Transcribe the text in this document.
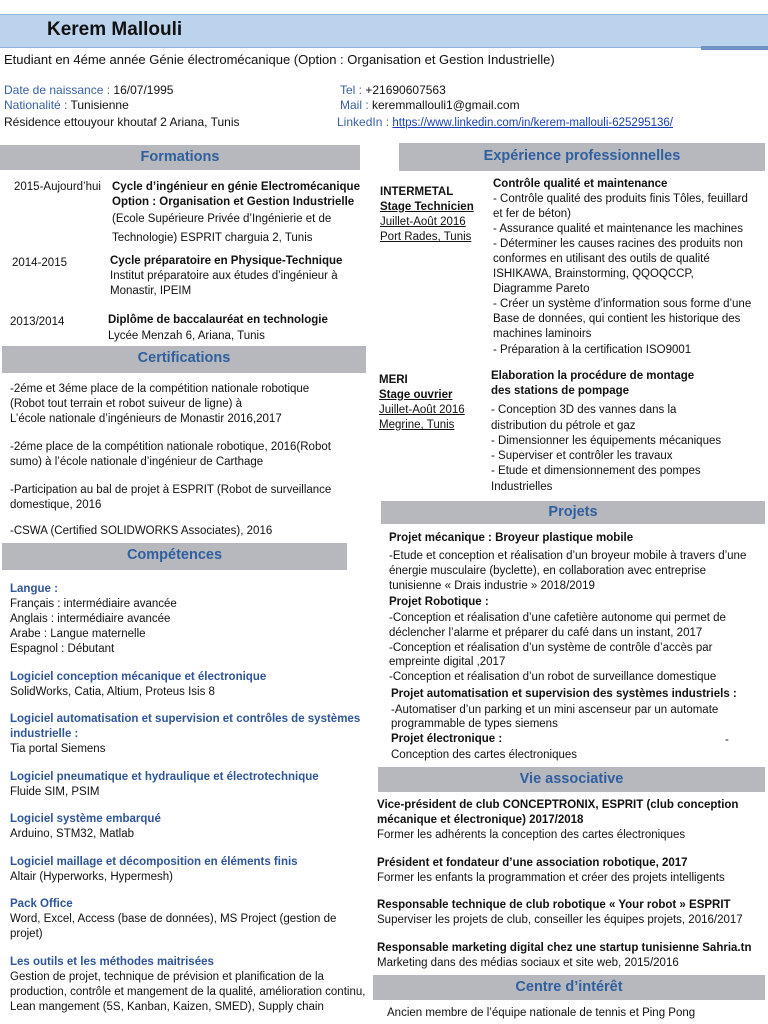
Kerem Mallouli
Etudiant en 4éme année Génie électromécanique (Option : Organisation et Gestion Industrielle)
Date de naissance : 16/07/1995
Nationalité : Tunisienne
Résidence ettouyour khoutaf 2 Ariana, Tunis
Tel : +21690607563
Mail : keremmallouli1@gmail.com
LinkedIn : https://www.linkedin.com/in/kerem-mallouli-625295136/
Formations	Expérience professionnelles
Certifications
Compétences
Projets
Vie associative
Centre d’intérêt
2015-Aujourd’hui Cycle d’ingénieur en génie Electromécanique
Option : Organisation et Gestion Industrielle
(Ecole Supérieure Privée d’Ingénierie et de
Technologie) ESPRIT charguia 2, Tunis
2014-2015	Cycle préparatoire en Physique-Technique
Institut préparatoire aux études d’ingénieur à
Monastir, IPEIM
2013/2014	Diplôme de baccalauréat en technologie
Lycée Menzah 6, Ariana, Tunis
-2éme et 3éme place de la compétition nationale robotique
(Robot tout terrain et robot suiveur de ligne) à
L’école nationale d’ingénieurs de Monastir 2016,2017
-2éme place de la compétition nationale robotique, 2016(Robot
sumo) à l’école nationale d’ingénieur de Carthage
-Participation au bal de projet à ESPRIT (Robot de surveillance
domestique, 2016
-CSWA (Certified SOLIDWORKS Associates), 2016
Langue :
Français : intermédiaire avancée
Anglais : intermédiaire avancée
Arabe : Langue maternelle
Espagnol : Débutant
Logiciel conception mécanique et électronique
SolidWorks, Catia, Altium, Proteus Isis 8
Logiciel automatisation et supervision et contrôles de systèmes
industrielle :
Tia portal Siemens
Logiciel pneumatique et hydraulique et électrotechnique
Fluide SIM, PSIM
Logiciel système embarqué
Arduino, STM32, Matlab
Logiciel maillage et décomposition en éléments finis
Altair (Hyperworks, Hypermesh)
Pack Office
Word, Excel, Access (base de données), MS Project (gestion de
projet)
Les outils et les méthodes maitrisées
Gestion de projet, technique de prévision et planification de la
production, contrôle et mangement de la qualité, amélioration continu,
Lean mangement (5S, Kanban, Kaizen, SMED), Supply chain
INTERMETAL
Stage Technicien
Juillet-Août 2016
Port Rades, Tunis
Contrôle qualité et maintenance
- Contrôle qualité des produits finis Tôles, feuillard
et fer de béton)
- Assurance qualité et maintenance les machines
- Déterminer les causes racines des produits non
conformes en utilisant des outils de qualité
ISHIKAWA, Brainstorming, QQOQCCP,
Diagramme Pareto
- Créer un système d’information sous forme d’une
Base de données, qui contient les historique des
machines laminoirs
- Préparation à la certification ISO9001
MERI
Stage ouvrier
Juillet-Août 2016
Megrine, Tunis
Elaboration la procédure de montage
des stations de pompage
- Conception 3D des vannes dans la
distribution du pétrole et gaz
- Dimensionner les équipements mécaniques
- Superviser et contrôler les travaux
- Etude et dimensionnement des pompes
Industrielles
Projet mécanique : Broyeur plastique mobile
-Etude et conception et réalisation d’un broyeur mobile à travers d’une
énergie musculaire (byclette), en collaboration avec entreprise
tunisienne « Drais industrie » 2018/2019
Projet Robotique :
-Conception et réalisation d’une cafetière autonome qui permet de
déclencher l’alarme et préparer du café dans un instant, 2017
-Conception et réalisation d’un système de contrôle d’accès par
empreinte digital ,2017
-Conception et réalisation d’un robot de surveillance domestique
Projet automatisation et supervision des systèmes industriels :
-Automatiser d’un parking et un mini ascenseur par un automate
programmable de types siemens
Projet électronique :	-
Conception des cartes électroniques
Vice-président de club CONCEPTRONIX, ESPRIT (club conception
mécanique et électronique) 2017/2018
Former les adhérents la conception des cartes électroniques
Président et fondateur d’une association robotique, 2017
Former les enfants la programmation et créer des projets intelligents
Responsable technique de club robotique « Your robot » ESPRIT
Superviser les projets de club, conseiller les équipes projets, 2016/2017
Responsable marketing digital chez une startup tunisienne Sahria.tn
Marketing dans des médias sociaux et site web, 2015/2016
Ancien membre de l’équipe nationale de tennis et Ping Pong
